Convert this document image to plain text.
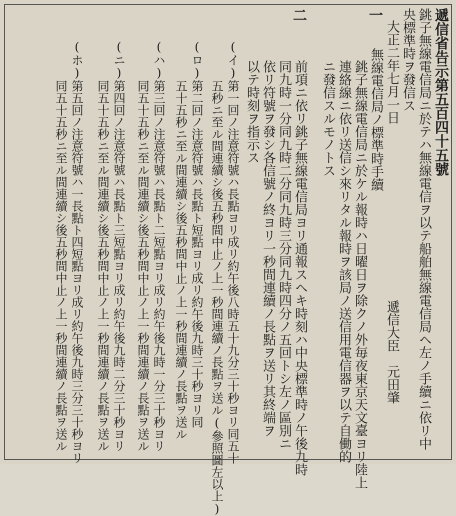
遞信省告示第五百四十五號
銚子無線電信局ニ於テハ無線電信ヲ以テ船舶無線電信局ヘ左ノ手續ニ依リ中
央標準時ヲ發信ス
大正二年七月一日
遞信大臣　元田肇
一
無線電信局ノ標準時手續
銚子無線電信局ニ於ケル報時ハ日曜日ヲ除クノ外毎夜東京天文臺ヨリ陸上
連絡線ニ依リ送信シ來リタル報時ヲ該局ノ送信用電信器ヲ以テ自働的
ニ發信スルモノトス
二
前項ニ依リ銚子無線電信局ヨリ通報スヘキ時刻ハ中央標準時ノ午後九時
同九時一分同九時二分同九時三分同九時四分ノ五回トシ左ノ區別ニ
依リ符號ヲ發シ各信號ノ終ヨリ一秒間連續ノ長點ヲ送リ其終端ヲ
以テ時刻ヲ指示ス
(イ)
第一回ノ注意符號ハ長點ヨリ成リ約午後八時五十九分三十秒ヨリ同五十
五秒ニ至ル間連續シ後五秒間中止ノ上一秒間連續ノ長點ヲ送ル(參照圖左以上)
(ロ)
第二回ノ注意符號ハ長點ト短點ヨリ成リ約午後九時三十秒ヨリ同
五十五秒ニ至ル間連續シ後五秒間中止ノ上一秒間連續ノ長點ヲ送ル
(ハ)
第三回ノ注意符號ハ長點ト二短點ヨリ成リ約午後九時一分三十秒ヨリ
同五十五秒ニ至ル間連續シ後五秒間中止ノ上一秒間連續ノ長點ヲ送ル
(ニ)
第四回ノ注意符號ハ長點ト三短點ヨリ成リ約午後九時二分三十秒ヨリ
同五十五秒ニ至ル間連續シ後五秒間中止ノ上一秒間連續ノ長點ヲ送ル
(ホ)
第五回ノ注意符號ハ一長點ト四短點ヨリ成リ約午後九時三分三十秒ヨリ
同五十五秒ニ至ル間連續シ後五秒間中止ノ上一秒間連續ノ長點ヲ送ル
